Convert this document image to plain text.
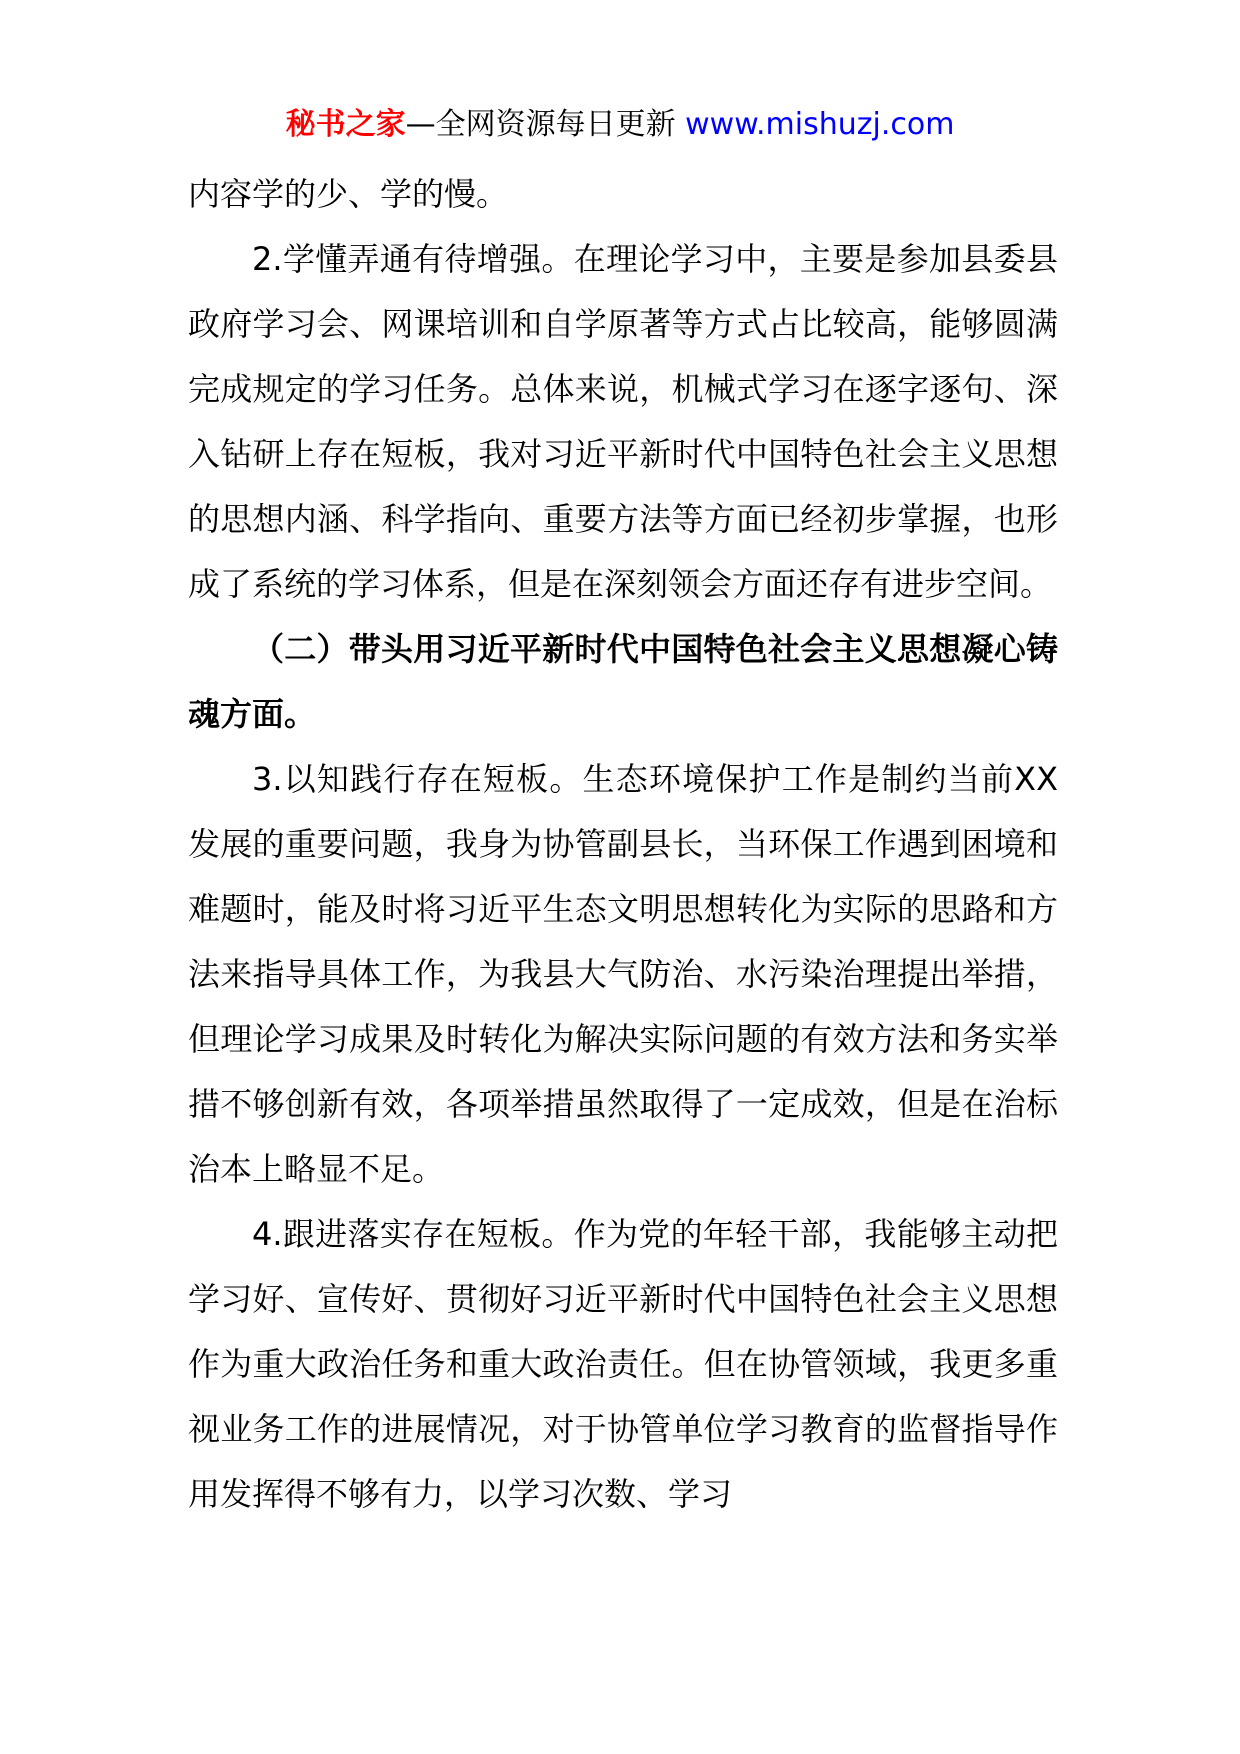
秘书之家—全网资源每日更新 www.mishuzj.com

内容学的少、学的慢。

2.学懂弄通有待增强。在理论学习中，主要是参加县委县政府学习会、网课培训和自学原著等方式占比较高，能够圆满完成规定的学习任务。总体来说，机械式学习在逐字逐句、深入钻研上存在短板，我对习近平新时代中国特色社会主义思想的思想内涵、科学指向、重要方法等方面已经初步掌握，也形成了系统的学习体系，但是在深刻领会方面还存有进步空间。

（二）带头用习近平新时代中国特色社会主义思想凝心铸魂方面。

3.以知践行存在短板。生态环境保护工作是制约当前XX发展的重要问题，我身为协管副县长，当环保工作遇到困境和难题时，能及时将习近平生态文明思想转化为实际的思路和方法来指导具体工作，为我县大气防治、水污染治理提出举措，但理论学习成果及时转化为解决实际问题的有效方法和务实举措不够创新有效，各项举措虽然取得了一定成效，但是在治标治本上略显不足。

4.跟进落实存在短板。作为党的年轻干部，我能够主动把学习好、宣传好、贯彻好习近平新时代中国特色社会主义思想作为重大政治任务和重大政治责任。但在协管领域，我更多重视业务工作的进展情况，对于协管单位学习教育的监督指导作用发挥得不够有力，以学习次数、学习
